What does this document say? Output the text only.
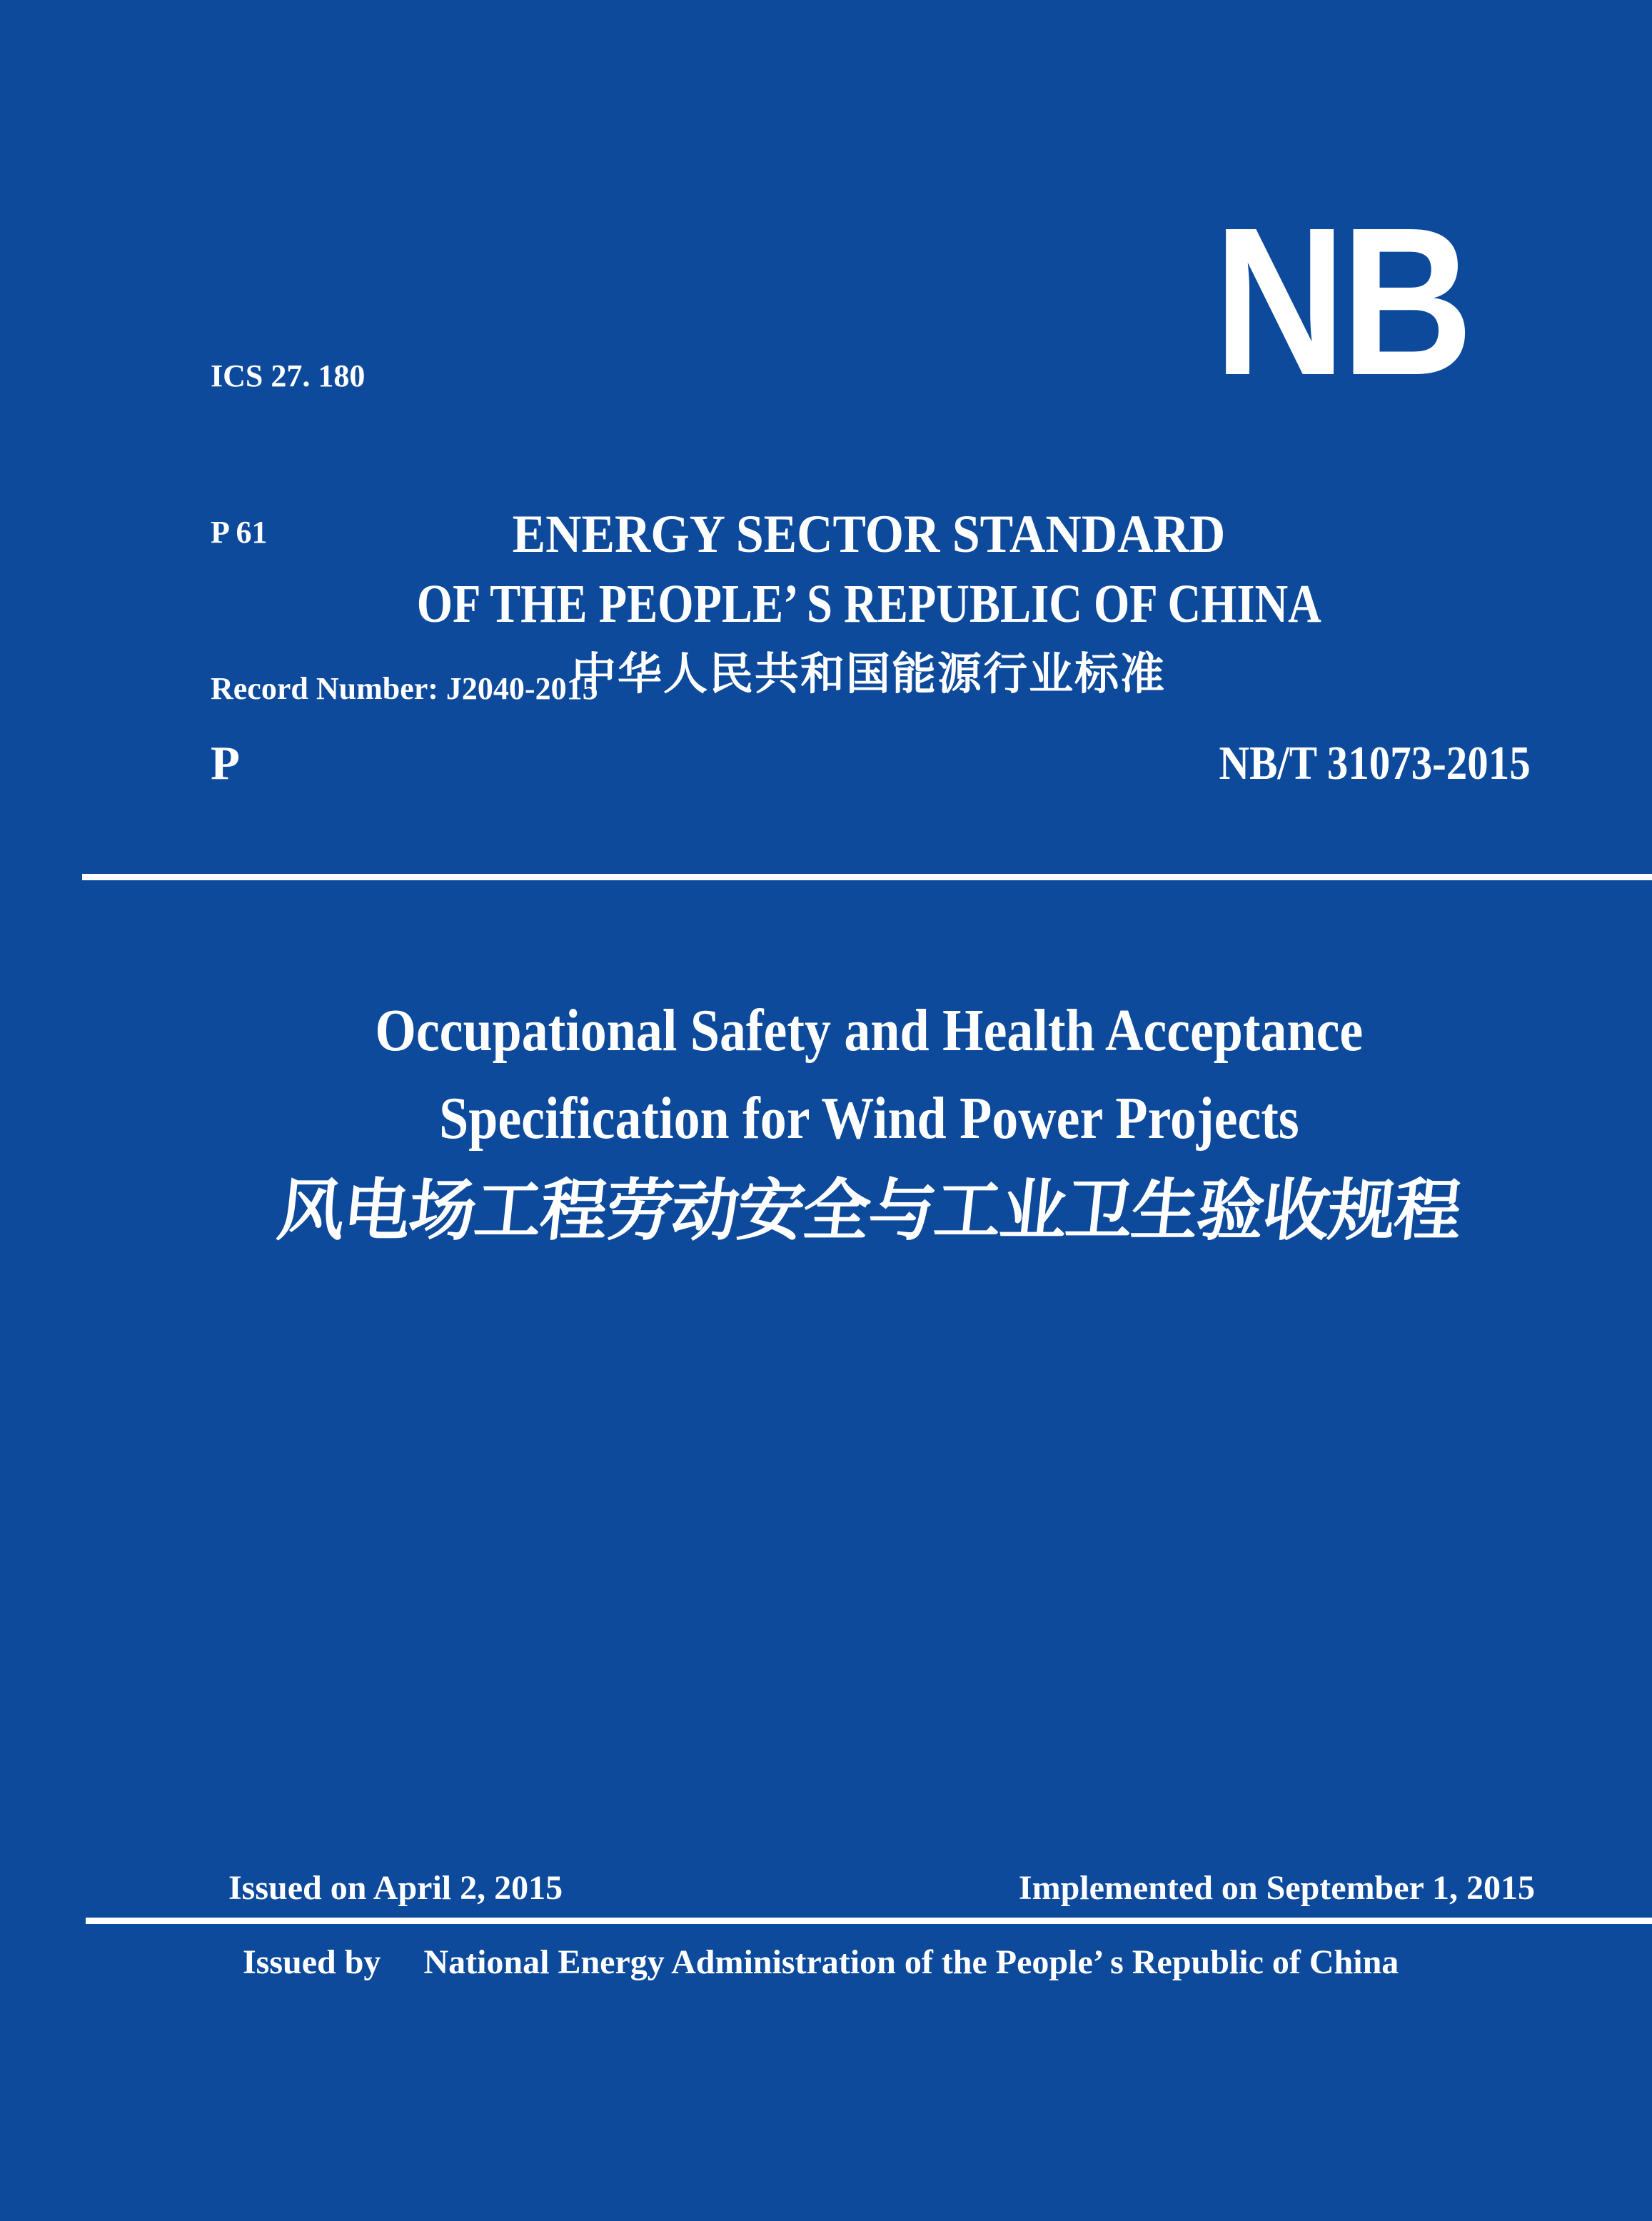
ICS 27. 180

P 61

Record Number: J2040-2015

NB
ENERGY SECTOR STANDARD
OF THE PEOPLE’ S REPUBLIC OF CHINA
中华人民共和国能源行业标准
P	NB/T 31073-2015
Occupational Safety and Health Acceptance
Specification for Wind Power Projects
风电场工程劳动安全与工业卫生验收规程
Issued on April 2, 2015	Implemented on September 1, 2015
Issued by National Energy Administration of the People’ s Republic of China
